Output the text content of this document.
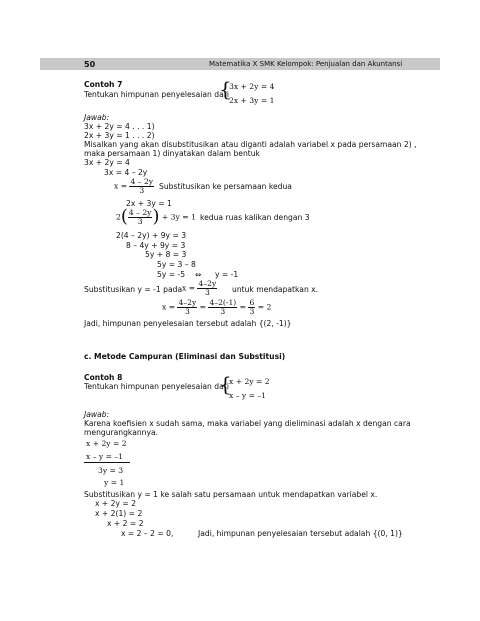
50	Matematika X SMK Kelompok: Penjualan dan Akuntansi
Contoh 7
Tentukan himpunan penyelesaian dari
{
3x + 2y = 4
2x + 3y = 1
Jawab:
3x + 2y = 4 . . . 1)
2x + 3y = 1 . . . 2)
Misalkan yang akan disubstitusikan atau diganti adalah variabel x pada persamaan 2) ,
maka persamaan 1) dinyatakan dalam bentuk
3x + 2y = 4
3x = 4 – 2y
$x = \frac{4 - 2y}{3}$ Substitusikan ke persamaan kedua
2x + 3y = 1
$2( \frac{4 - 2y}{3}$ ) + 3y = 1 kedua ruas kalikan dengan 3
2(4 – 2y) + 9y = 3
8 – 4y + 9y = 3
5y + 8 = 3
5y = 3 – 8
5y = -5 ⇔ y = -1
Substitusikan y = -1 pada $x = \frac{4-2y}{3}$ untuk mendapatkan x.
$x = \frac{4-2y}{3} = \frac{4-2(-1)}{3} = \frac{6}{3} = 2$
Jadi, himpunan penyelesaian tersebut adalah {(2, -1)}
c. Metode Campuran (Eliminasi dan Substitusi)
Contoh 8
Tentukan himpunan penyelesaian dari
{
x + 2y = 2
x – y = –1
Jawab:
Karena koefisien x sudah sama, maka variabel yang dieliminasi adalah x dengan cara
mengurangkannya.
x + 2y = 2
x – y = –1
3y = 3
y = 1
Substitusikan y = 1 ke salah satu persamaan untuk mendapatkan variabel x.
x + 2y = 2
x + 2(1) = 2
x + 2 = 2
x = 2 – 2 = 0,	Jadi, himpunan penyelesaian tersebut adalah {(0, 1)}
